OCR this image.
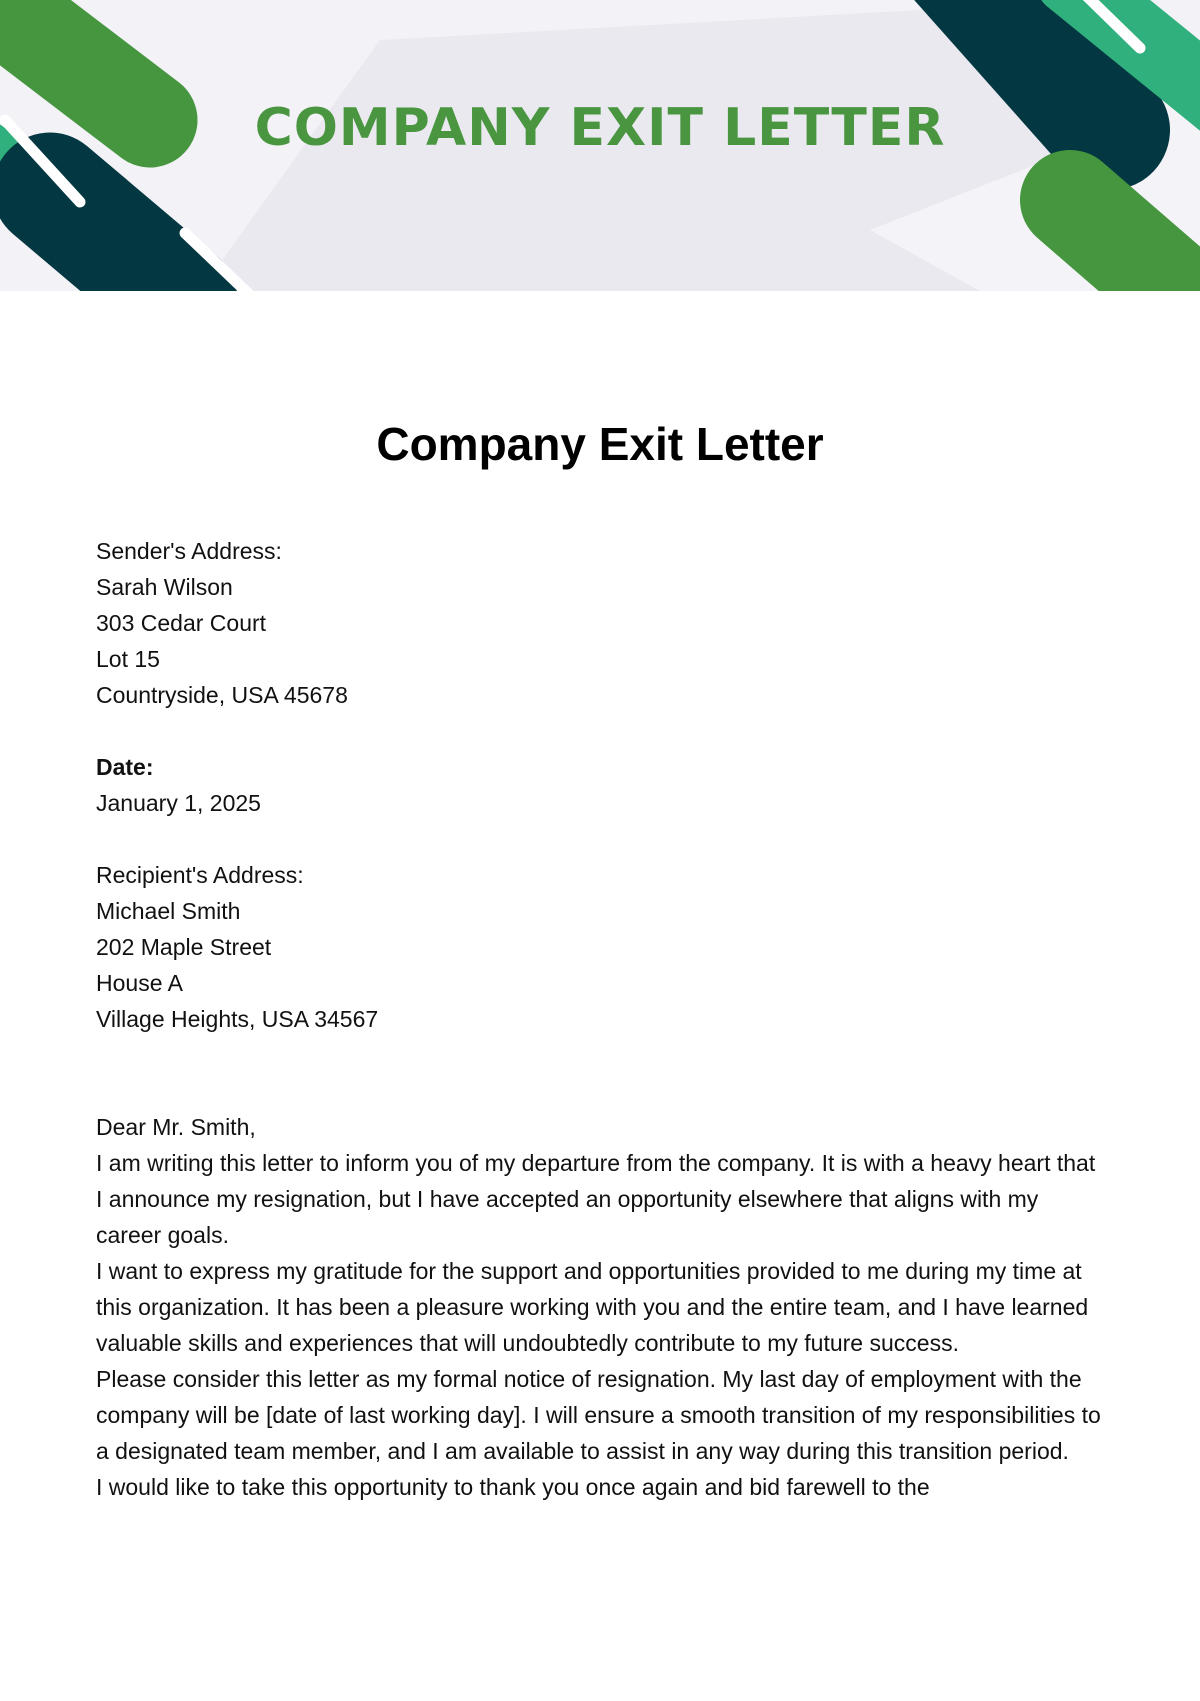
COMPANY EXIT LETTER
Company Exit Letter

Sender's Address:

Sarah Wilson

303 Cedar Court

Lot 15

Countryside, USA 45678

Date:

January 1, 2025

Recipient's Address:

Michael Smith

202 Maple Street

House A

Village Heights, USA 34567

Dear Mr. Smith,

I am writing this letter to inform you of my departure from the company. It is with a heavy heart that I announce my resignation, but I have accepted an opportunity elsewhere that aligns with my career goals.

I want to express my gratitude for the support and opportunities provided to me during my time at this organization. It has been a pleasure working with you and the entire team, and I have learned valuable skills and experiences that will undoubtedly contribute to my future success.

Please consider this letter as my formal notice of resignation. My last day of employment with the company will be [date of last working day]. I will ensure a smooth transition of my responsibilities to a designated team member, and I am available to assist in any way during this transition period.

I would like to take this opportunity to thank you once again and bid farewell to the
